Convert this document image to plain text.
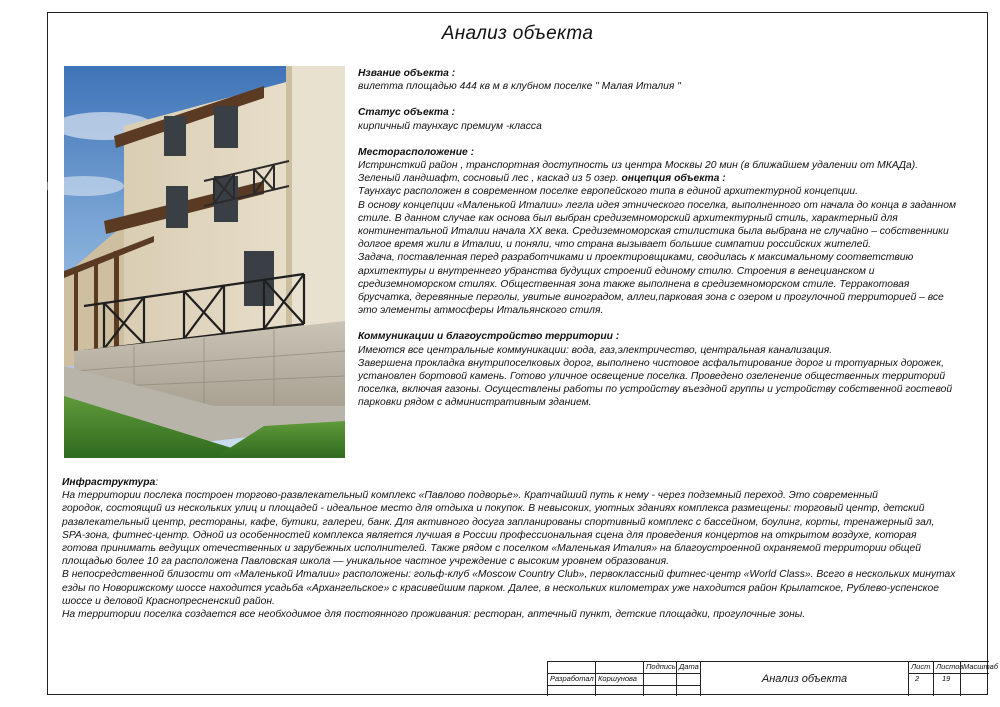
Анализ объекта
Нзвание объекта :
вилетта площадью 444 кв м в клубном поселке " Малая Италия "
Статус объекта :
кирпичный таунхаус премиум -класса
Месторасположение :
Истринсткий район , транспортная доступность из центра Москвы 20 мин (в ближайшем удалении от МКАДа).
Зеленый ландшафт, сосновый лес , каскад из 5 озер. онцепция объекта :
Таунхаус расположен в современном поселке европейского типа в единой архитектурной концепции.
В основу концепции «Маленькой Италии» легла идея этнического поселка, выполненного от начала до конца в заданном
стиле. В данном случае как основа был выбран средиземноморский архитектурный стиль, характерный для
континентальной Италии начала XX века. Средиземноморская стилистика была выбрана не случайно – собственники
долгое время жили в Италии, и поняли, что страна вызывает большие симпатии российских жителей.
Задача, поставленная перед разработчиками и проектировщиками, сводилась к максимальному соответствию
архитектуры и внутреннего убранства будущих строений единому стилю. Строения в венецианском и
средиземноморском стилях. Общественная зона также выполнена в средиземноморском стиле. Терракотовая
брусчатка, деревянные перголы, увитые виноградом, аллеи,парковая зона с озером и прогулочной территорией – все
это элементы атмосферы Итальянского стиля.
Коммуникации и благоустройство территории :
Имеются все центральные коммуникации: вода, газ,электричество, центральная канализация.
Завершена прокладка внутрипоселковых дорог, выполнено чистовое асфальтирование дорог и тротуарных дорожек,
установлен бортовой камень. Готово уличное освещение поселка. Проведено озеленение общественных территорий
поселка, включая газоны. Осуществлены работы по устройству въездной группы и устройству собственной гостевой
парковки рядом с административным зданием.
Инфраструктура:
На территории послека построен торгово-развлекательный комплекс «Павлово подворье». Кратчайший путь к нему - через подземный переход. Это современный
городок, состоящий из нескольких улиц и площадей - идеальное место для отдыха и покупок. В невысоких, уютных зданиях комплекса размещены: торговый центр, детский
развлекательный центр, рестораны, кафе, бутики, галереи, банк. Для активного досуга запланированы спортивный комплекс с бассейном, боулинг, корты, тренажерный зал,
SPA-зона, фитнес-центр. Одной из особенностей комплекса является лучшая в России профессиональная сцена для проведения концертов на открытом воздухе, которая
готова принимать ведущих отечественных и зарубежных исполнителей. Также рядом с поселком «Маленькая Италия» на благоустроенной охраняемой территории общей
площадью более 10 га расположена Павловская школа — уникальное частное учреждение с высоким уровнем образования.
В непосредственной близости от «Маленькой Италии» расположены: гольф-клуб «Moscow Country Club», первоклассный фитнес-центр «World Class». Всего в нескольких минутах
езды по Новорижскому шоссе находится усадьба «Архангельское» с красивейшим парком. Далее, в нескольких километрах уже находится район Крылатское, Рублево-успенское
шоссе и деловой Краснопресненский район.
На территории поселка создается все необходимое для постоянного проживания: ресторан, аптечный пункт, детские площадки, прогулочные зоны.
Подпись Дата
Разработал Коршунова	Анализ объекта
Лист Листов Масштаб
2	19
